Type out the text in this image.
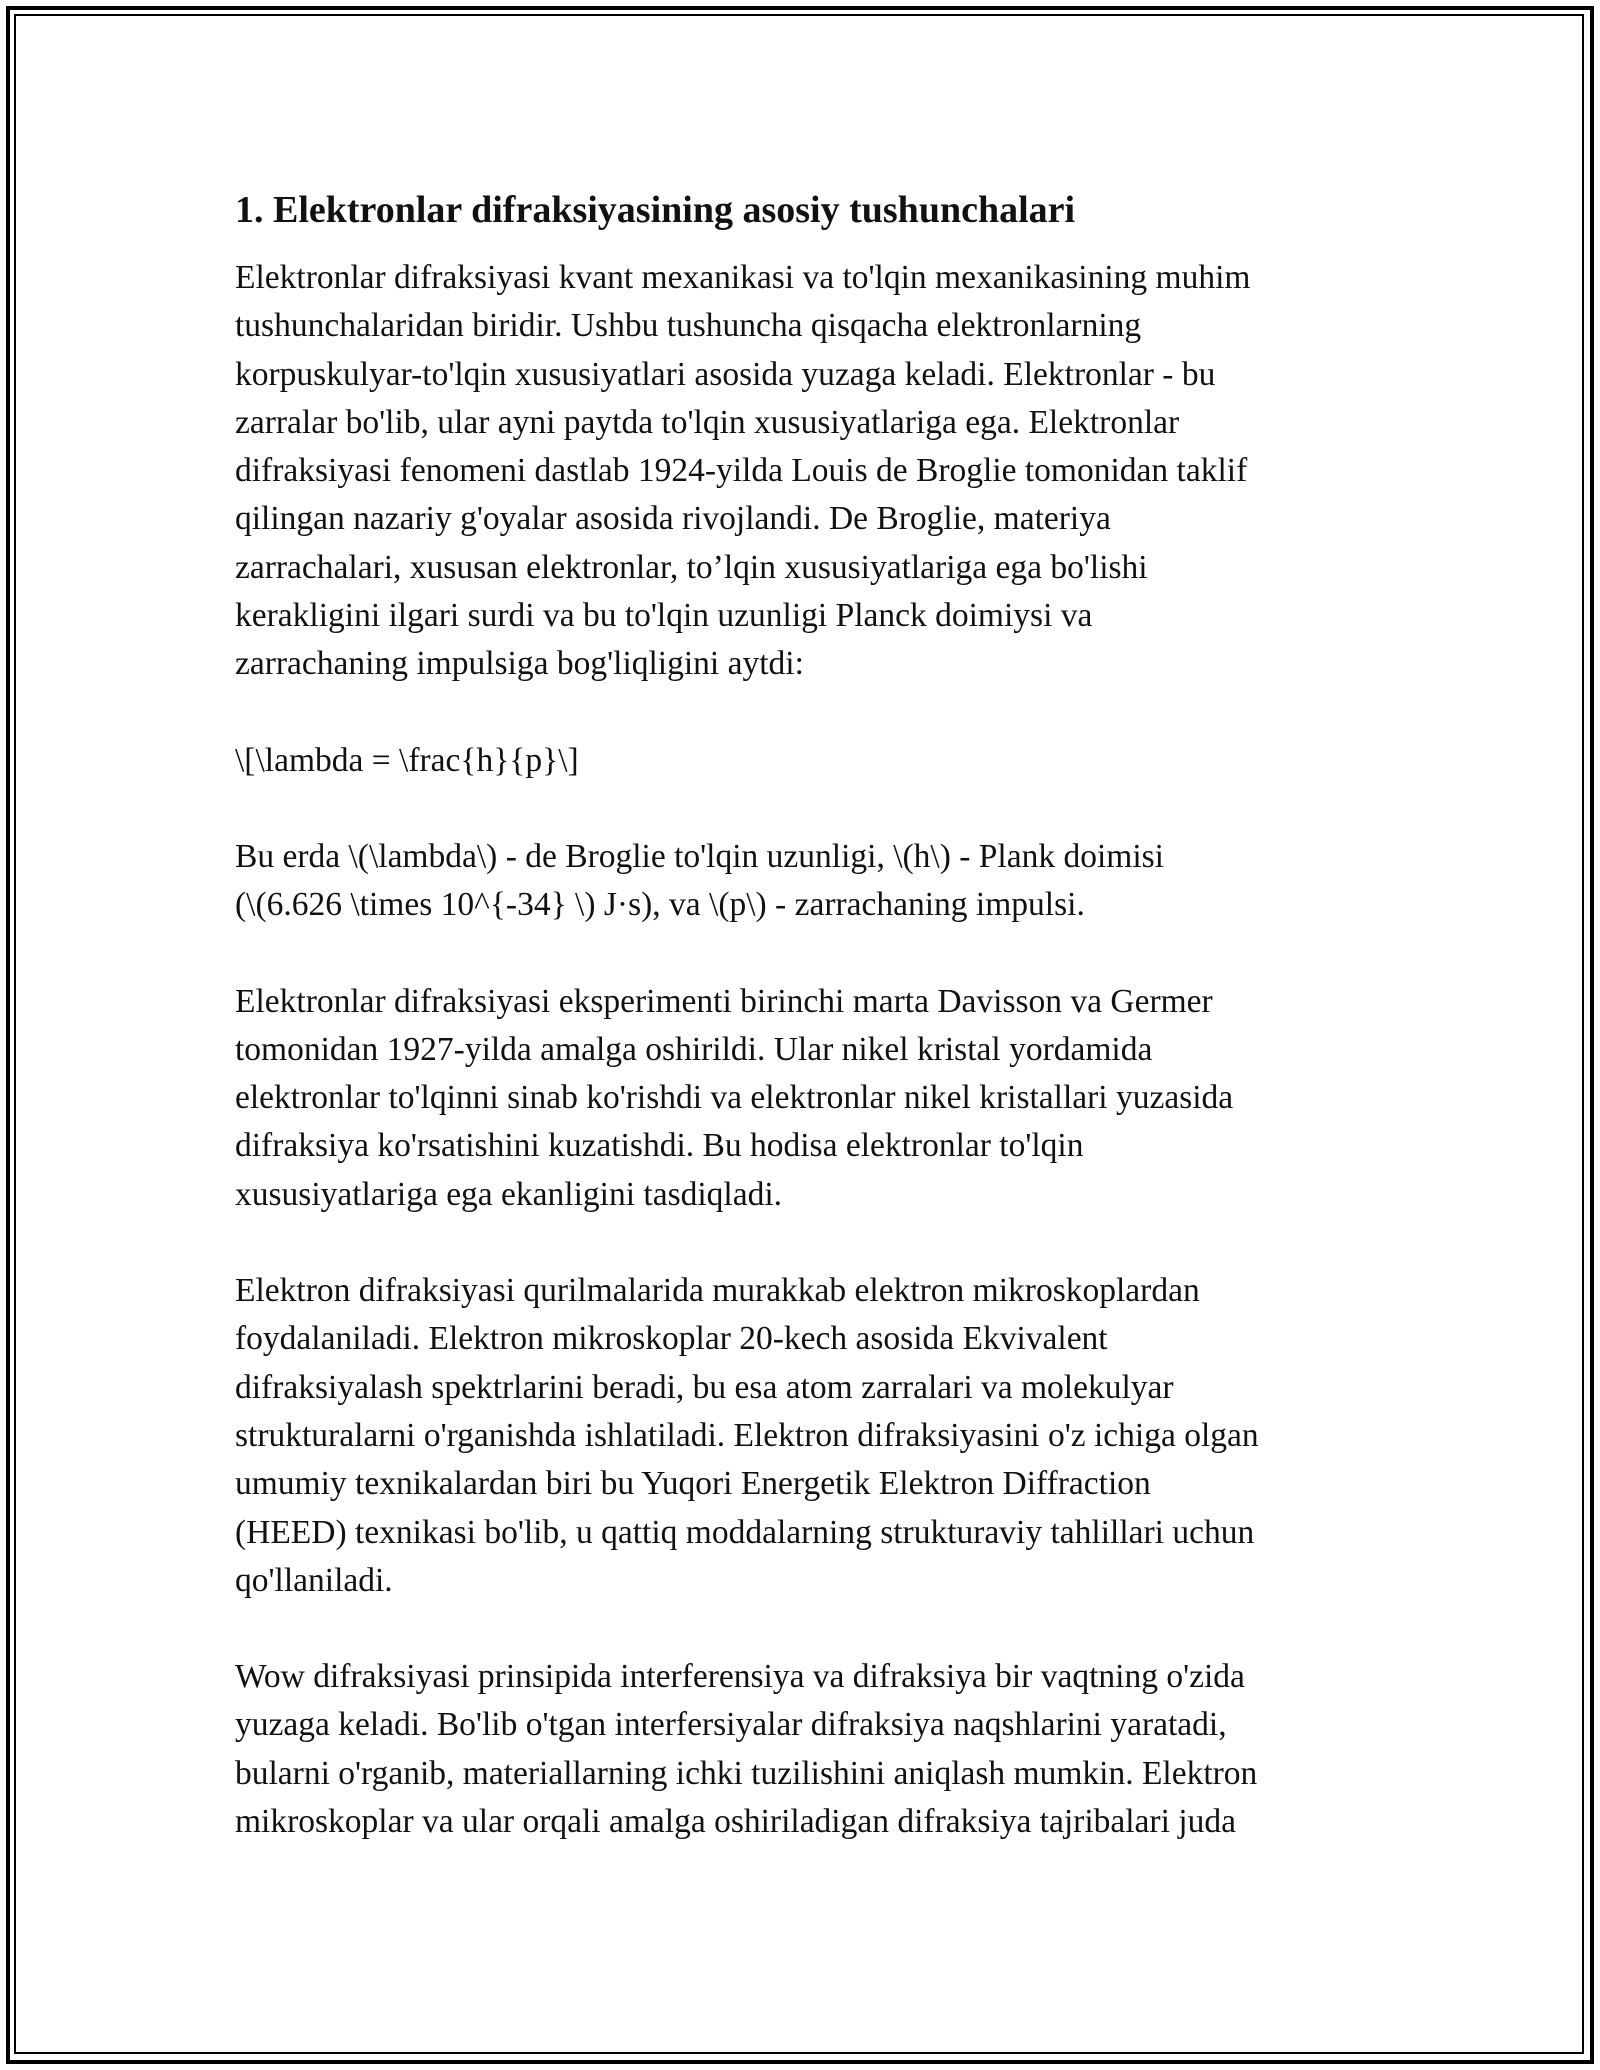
1. Elektronlar difraksiyasining asosiy tushunchalari
Elektronlar difraksiyasi kvant mexanikasi va to'lqin mexanikasining muhim
tushunchalaridan biridir. Ushbu tushuncha qisqacha elektronlarning
korpuskulyar-to'lqin xususiyatlari asosida yuzaga keladi. Elektronlar - bu
zarralar bo'lib, ular ayni paytda to'lqin xususiyatlariga ega. Elektronlar
difraksiyasi fenomeni dastlab 1924-yilda Louis de Broglie tomonidan taklif
qilingan nazariy g'oyalar asosida rivojlandi. De Broglie, materiya
zarrachalari, xususan elektronlar, to’lqin xususiyatlariga ega bo'lishi
kerakligini ilgari surdi va bu to'lqin uzunligi Planck doimiysi va
zarrachaning impulsiga bog'liqligini aytdi:
\[\lambda = \frac{h}{p}\]
Bu erda \(\lambda\) - de Broglie to'lqin uzunligi, \(h\) - Plank doimisi
(\(6.626 \times 10^{-34} \) J·s), va \(p\) - zarrachaning impulsi.
Elektronlar difraksiyasi eksperimenti birinchi marta Davisson va Germer
tomonidan 1927-yilda amalga oshirildi. Ular nikel kristal yordamida
elektronlar to'lqinni sinab ko'rishdi va elektronlar nikel kristallari yuzasida
difraksiya ko'rsatishini kuzatishdi. Bu hodisa elektronlar to'lqin
xususiyatlariga ega ekanligini tasdiqladi.
Elektron difraksiyasi qurilmalarida murakkab elektron mikroskoplardan
foydalaniladi. Elektron mikroskoplar 20-kech asosida Ekvivalent
difraksiyalash spektrlarini beradi, bu esa atom zarralari va molekulyar
strukturalarni o'rganishda ishlatiladi. Elektron difraksiyasini o'z ichiga olgan
umumiy texnikalardan biri bu Yuqori Energetik Elektron Diffraction
(HEED) texnikasi bo'lib, u qattiq moddalarning strukturaviy tahlillari uchun
qo'llaniladi.
Wow difraksiyasi prinsipida interferensiya va difraksiya bir vaqtning o'zida
yuzaga keladi. Bo'lib o'tgan interfersiyalar difraksiya naqshlarini yaratadi,
bularni o'rganib, materiallarning ichki tuzilishini aniqlash mumkin. Elektron
mikroskoplar va ular orqali amalga oshiriladigan difraksiya tajribalari juda
